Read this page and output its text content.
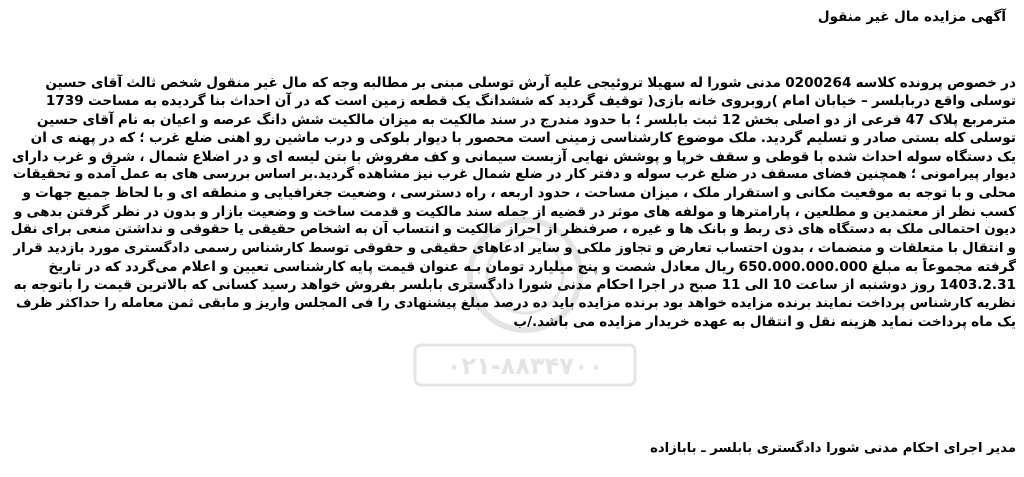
آگهی مزایده مال غیر منقول
در خصوص پرونده کلاسه 0200264 مدنی شورا له سهیلا تروئیجی علیه آرش توسلی مبنی بر مطالبه وجه که مال غیر منقول شخص ثالث آقای حسین
توسلی واقع دربابلسر – خیابان امام )روبروی خانه بازی( توقیف گردید که ششدانگ یک قطعه زمین است که در آن احداث بنا گردیده به مساحت 1739
مترمربع پلاک 47 فرعی از دو اصلی بخش 12 ثبت بابلسر ؛ با حدود مندرج در سند مالکیت به میزان مالکیت شش دانگ عرصه و اعیان به نام آقای حسین
توسلی کله بستی صادر و تسلیم گردید. ملک موضوع کارشناسی زمینی است محصور با دیوار بلوکی و درب ماشین رو اهنی ضلع غرب ؛ که در پهنه ی ان
یک دستگاه سوله احداث شده با قوطی و سقف خرپا و پوشش نهایی آزبست سیمانی و کف مفروش با بتن لیسه ای و در اضلاع شمال ، شرق و غرب دارای
دیوار پیرامونی ؛ همچنین فضای مسقف در ضلع غرب سوله و دفتر کار در ضلع شمال غرب نیز مشاهده گردید.بر اساس بررسی های به عمل آمده و تحقیقات
محلی و با توجه به موقعیت مکانی و استقرار ملک ، میزان مساحت ، حدود اربعه ، راه دسترسی ، وضعیت جغرافیایی و منطقه ای و با لحاظ جمیع جهات و
کسب نظر از معتمدین و مطلعین ، پارامترها و مولفه های موثر در قضیه از جمله سند مالکیت و قدمت ساخت و وضعیت بازار و بدون در نظر گرفتن بدهی و
دیون احتمالی ملک به دستگاه های ذی ربط و بانک ها و غیره ، صرفنظر از احراز مالکیت و انتساب آن به اشخاص حقیقی یا حقوقی و نداشتن منعی برای نقل
و انتقال با متعلقات و منضمات ، بدون احتساب تعارض و تجاوز ملکی و سایر ادعاهای حقیقی و حقوقی توسط کارشناس رسمی دادگستری مورد بازدید قرار
گرفته مجموعاً به مبلغ 650.000.000.000 ریال معادل شصت و پنج میلیارد تومان بـه عنوان قیمت پایه کارشناسی تعیین و اعلام می‌گردد که در تاریخ
1403.2.31 روز دوشنبه از ساعت 10 الی 11 صبح در اجرا احکام مدنی شورا دادگستری بابلسر بفروش خواهد رسید کسانی که بالاترین قیمت را باتوجه به
نظریه کارشناس پرداخت نمایند برنده مزایده خواهد بود برنده مزایده باید ده درصد مبلغ پیشنهادی را فی المجلس واریز و مابقی ثمن معامله را حداکثر ظرف
یک ماه پرداخت نماید هزینه نقل و انتقال به عهده خریدار مزایده می باشد./ب
۰۲۱-۸۸۳۴۷۰۰
مدیر اجرای احکام مدنی شورا دادگستری بابلسر ـ بابازاده
